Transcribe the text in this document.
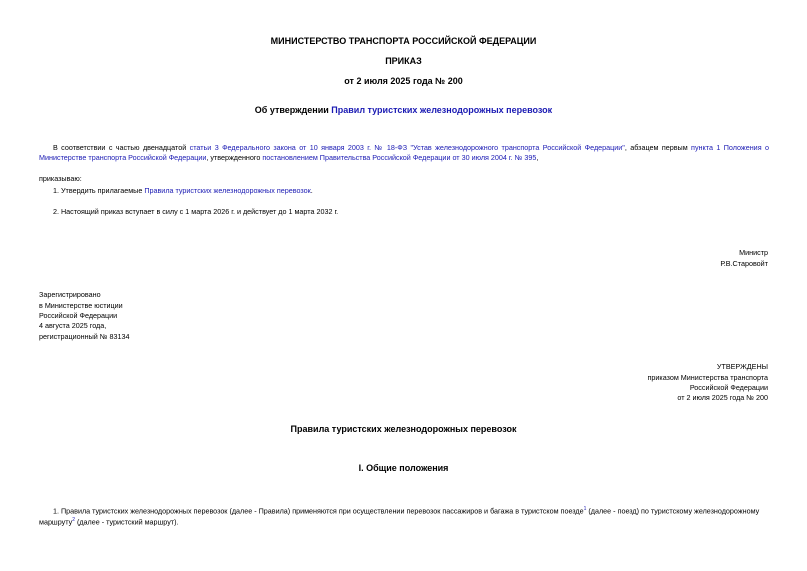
МИНИСТЕРСТВО ТРАНСПОРТА РОССИЙСКОЙ ФЕДЕРАЦИИ
ПРИКАЗ
от 2 июля 2025 года № 200
Об утверждении Правил туристских железнодорожных перевозок
В соответствии с частью двенадцатой статьи 3 Федерального закона от 10 января 2003 г. № 18-ФЗ "Устав железнодорожного транспорта Российской Федерации", абзацем первым пункта 1 Положения о Министерстве транспорта Российской Федерации, утвержденного постановлением Правительства Российской Федерации от 30 июля 2004 г. № 395,
приказываю:
1. Утвердить прилагаемые Правила туристских железнодорожных перевозок.
2. Настоящий приказ вступает в силу с 1 марта 2026 г. и действует до 1 марта 2032 г.
Министр
Р.В.Старовойт
Зарегистрировано
в Министерстве юстиции
Российской Федерации
4 августа 2025 года,
регистрационный № 83134
УТВЕРЖДЕНЫ
приказом Министерства транспорта
Российской Федерации
от 2 июля 2025 года № 200
Правила туристских железнодорожных перевозок
I. Общие положения
1. Правила туристских железнодорожных перевозок (далее - Правила) применяются при осуществлении перевозок пассажиров и багажа в туристском поезде$^1$ (далее - поезд) по туристскому железнодорожному
маршруту$^2$ (далее - туристский маршрут).
